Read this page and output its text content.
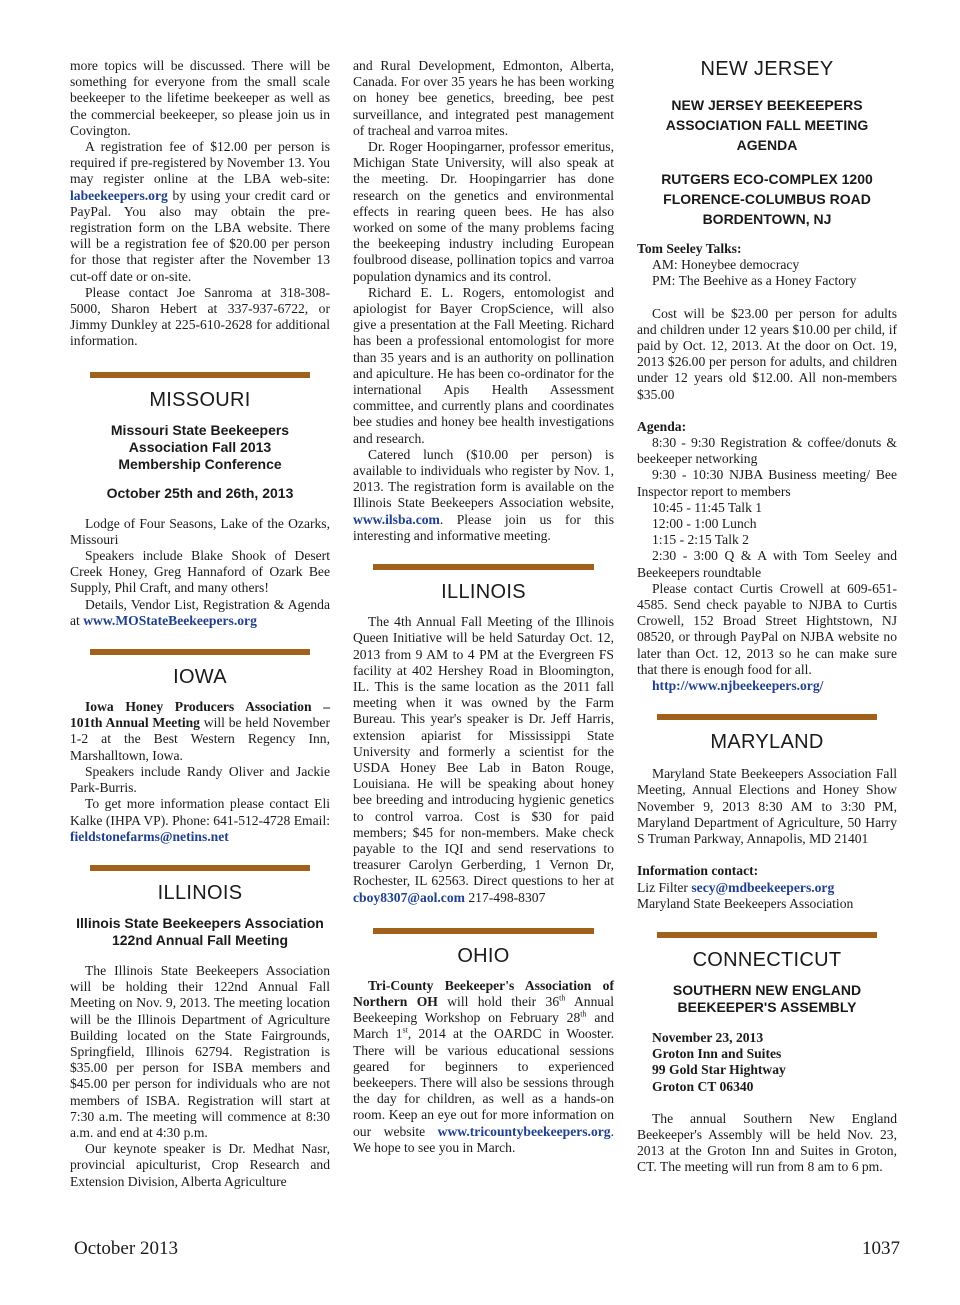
more topics will be discussed. There will be something for everyone from the small scale beekeeper to the lifetime beekeeper as well as the commercial beekeeper, so please join us in Covington.

A registration fee of $12.00 per person is required if pre-registered by November 13. You may register online at the LBA web-site: labeekeepers.org by using your credit card or PayPal. You also may obtain the pre-registration form on the LBA website. There will be a registration fee of $20.00 per person for those that register after the November 13 cut-off date or on-site.

Please contact Joe Sanroma at 318-308-5000, Sharon Hebert at 337-937-6722, or Jimmy Dunkley at 225-610-2628 for additional information.

MISSOURI
Missouri State Beekeepers Association Fall 2013 Membership Conference
October 25th and 26th, 2013

Lodge of Four Seasons, Lake of the Ozarks, Missouri

Speakers include Blake Shook of Desert Creek Honey, Greg Hannaford of Ozark Bee Supply, Phil Craft, and many others!

Details, Vendor List, Registration & Agenda at www.MOStateBeekeepers.org

IOWA

Iowa Honey Producers Association – 101th Annual Meeting will be held November 1-2 at the Best Western Regency Inn, Marshalltown, Iowa.

Speakers include Randy Oliver and Jackie Park-Burris.

To get more information please contact Eli Kalke (IHPA VP). Phone: 641-512-4728 Email: fieldstonefarms@netins.net

ILLINOIS
Illinois State Beekeepers Association 122nd Annual Fall Meeting

The Illinois State Beekeepers Association will be holding their 122nd Annual Fall Meeting on Nov. 9, 2013. The meeting location will be the Illinois Department of Agriculture Building located on the State Fairgrounds, Springfield, Illinois 62794. Registration is $35.00 per person for ISBA members and $45.00 per person for individuals who are not members of ISBA. Registration will start at 7:30 a.m. The meeting will commence at 8:30 a.m. and end at 4:30 p.m.

Our keynote speaker is Dr. Medhat Nasr, provincial apiculturist, Crop Research and Extension Division, Alberta Agriculture

and Rural Development, Edmonton, Alberta, Canada. For over 35 years he has been working on honey bee genetics, breeding, bee pest surveillance, and integrated pest management of tracheal and varroa mites.

Dr. Roger Hoopingarner, professor emeritus, Michigan State University, will also speak at the meeting. Dr. Hoopingarrier has done research on the genetics and environmental effects in rearing queen bees. He has also worked on some of the many problems facing the beekeeping industry including European foulbrood disease, pollination topics and varroa population dynamics and its control.

Richard E. L. Rogers, entomologist and apiologist for Bayer CropScience, will also give a presentation at the Fall Meeting. Richard has been a professional entomologist for more than 35 years and is an authority on pollination and apiculture. He has been co-ordinator for the international Apis Health Assessment committee, and currently plans and coordinates bee studies and honey bee health investigations and research.

Catered lunch ($10.00 per person) is available to individuals who register by Nov. 1, 2013. The registration form is available on the Illinois State Beekeepers Association website, www.ilsba.com. Please join us for this interesting and informative meeting.

ILLINOIS

The 4th Annual Fall Meeting of the Illinois Queen Initiative will be held Saturday Oct. 12, 2013 from 9 AM to 4 PM at the Evergreen FS facility at 402 Hershey Road in Bloomington, IL. This is the same location as the 2011 fall meeting when it was owned by the Farm Bureau. This year's speaker is Dr. Jeff Harris, extension apiarist for Mississippi State University and formerly a scientist for the USDA Honey Bee Lab in Baton Rouge, Louisiana. He will be speaking about honey bee breeding and introducing hygienic genetics to control varroa. Cost is $30 for paid members; $45 for non-members. Make check payable to the IQI and send reservations to treasurer Carolyn Gerberding, 1 Vernon Dr, Rochester, IL 62563. Direct questions to her at cboy8307@aol.com 217-498-8307

OHIO

Tri-County Beekeeper's Association of Northern OH will hold their 36th Annual Beekeeping Workshop on February 28th and March 1st, 2014 at the OARDC in Wooster. There will be various educational sessions geared for beginners to experienced beekeepers. There will also be sessions through the day for children, as well as a hands-on room. Keep an eye out for more information on our website www.tricountybeekeepers.org. We hope to see you in March.

NEW JERSEY
NEW JERSEY BEEKEEPERS ASSOCIATION FALL MEETING AGENDA
RUTGERS ECO-COMPLEX 1200 FLORENCE-COLUMBUS ROAD BORDENTOWN, NJ

Tom Seeley Talks:

AM: Honeybee democracy

PM: The Beehive as a Honey Factory

Cost will be $23.00 per person for adults and children under 12 years $10.00 per child, if paid by Oct. 12, 2013. At the door on Oct. 19, 2013 $26.00 per person for adults, and children under 12 years old $12.00. All non-members $35.00

Agenda:

8:30 - 9:30 Registration & coffee/donuts & beekeeper networking

9:30 - 10:30 NJBA Business meeting/ Bee Inspector report to members

10:45 - 11:45 Talk 1

12:00 - 1:00 Lunch

1:15 - 2:15 Talk 2

2:30 - 3:00 Q & A with Tom Seeley and Beekeepers roundtable

Please contact Curtis Crowell at 609-651-4585. Send check payable to NJBA to Curtis Crowell, 152 Broad Street Hightstown, NJ 08520, or through PayPal on NJBA website no later than Oct. 12, 2013 so he can make sure that there is enough food for all.

http://www.njbeekeepers.org/

MARYLAND

Maryland State Beekeepers Association Fall Meeting, Annual Elections and Honey Show November 9, 2013 8:30 AM to 3:30 PM, Maryland Department of Agriculture, 50 Harry S Truman Parkway, Annapolis, MD 21401

Information contact:

Liz Filter secy@mdbeekeepers.org

Maryland State Beekeepers Association

CONNECTICUT
SOUTHERN NEW ENGLAND BEEKEEPER'S ASSEMBLY

November 23, 2013

Groton Inn and Suites

99 Gold Star Hightway

Groton CT 06340

The annual Southern New England Beekeeper's Assembly will be held Nov. 23, 2013 at the Groton Inn and Suites in Groton, CT. The meeting will run from 8 am to 6 pm.

October 2013	1037
